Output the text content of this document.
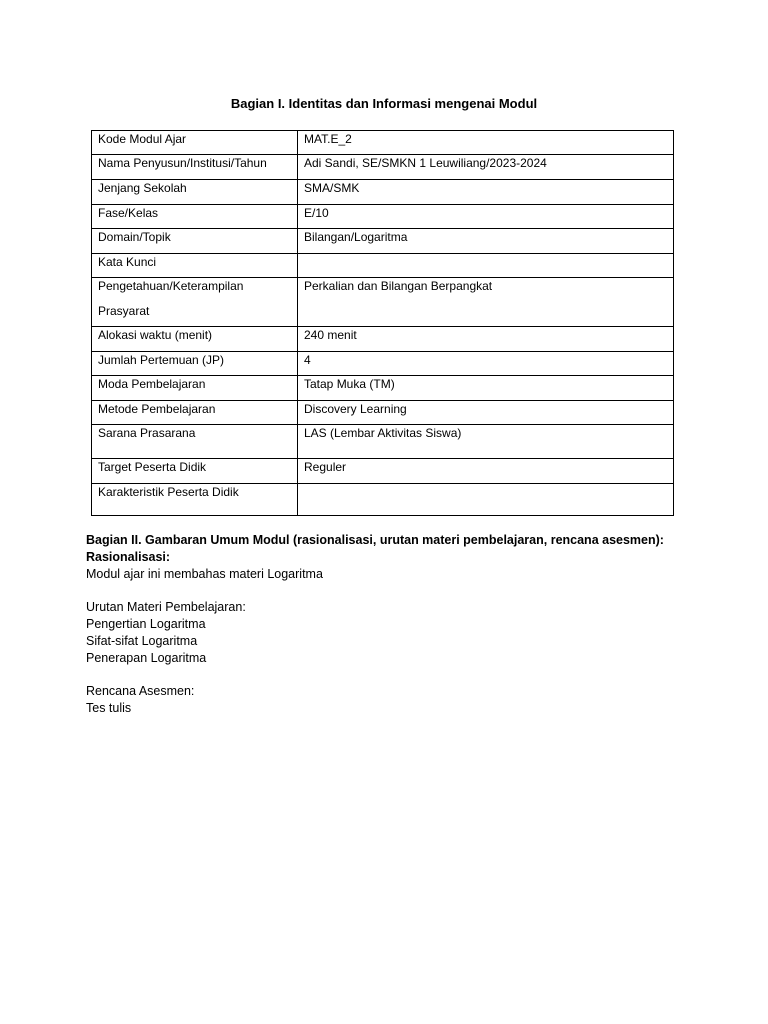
Bagian I. Identitas dan Informasi mengenai Modul
Kode Modul Ajar	MAT.E_2
Nama Penyusun/Institusi/Tahun	Adi Sandi, SE/SMKN 1 Leuwiliang/2023-2024
Jenjang Sekolah	SMA/SMK
Fase/Kelas	E/10
Domain/Topik	Bilangan/Logaritma
Kata Kunci	

Pengetahuan/Keterampilan
Prasyarat	Perkalian dan Bilangan Berpangkat
Alokasi waktu (menit)	240 menit
Jumlah Pertemuan (JP)	4
Moda Pembelajaran	Tatap Muka (TM)
Metode Pembelajaran	Discovery Learning
Sarana Prasarana	LAS (Lembar Aktivitas Siswa)
Target Peserta Didik	Reguler
Karakteristik Peserta Didik	
Bagian II. Gambaran Umum Modul (rasionalisasi, urutan materi pembelajaran, rencana asesmen):
Rasionalisasi:
Modul ajar ini membahas materi Logaritma
Urutan Materi Pembelajaran:
Pengertian Logaritma
Sifat-sifat Logaritma
Penerapan Logaritma
Rencana Asesmen:
Tes tulis
